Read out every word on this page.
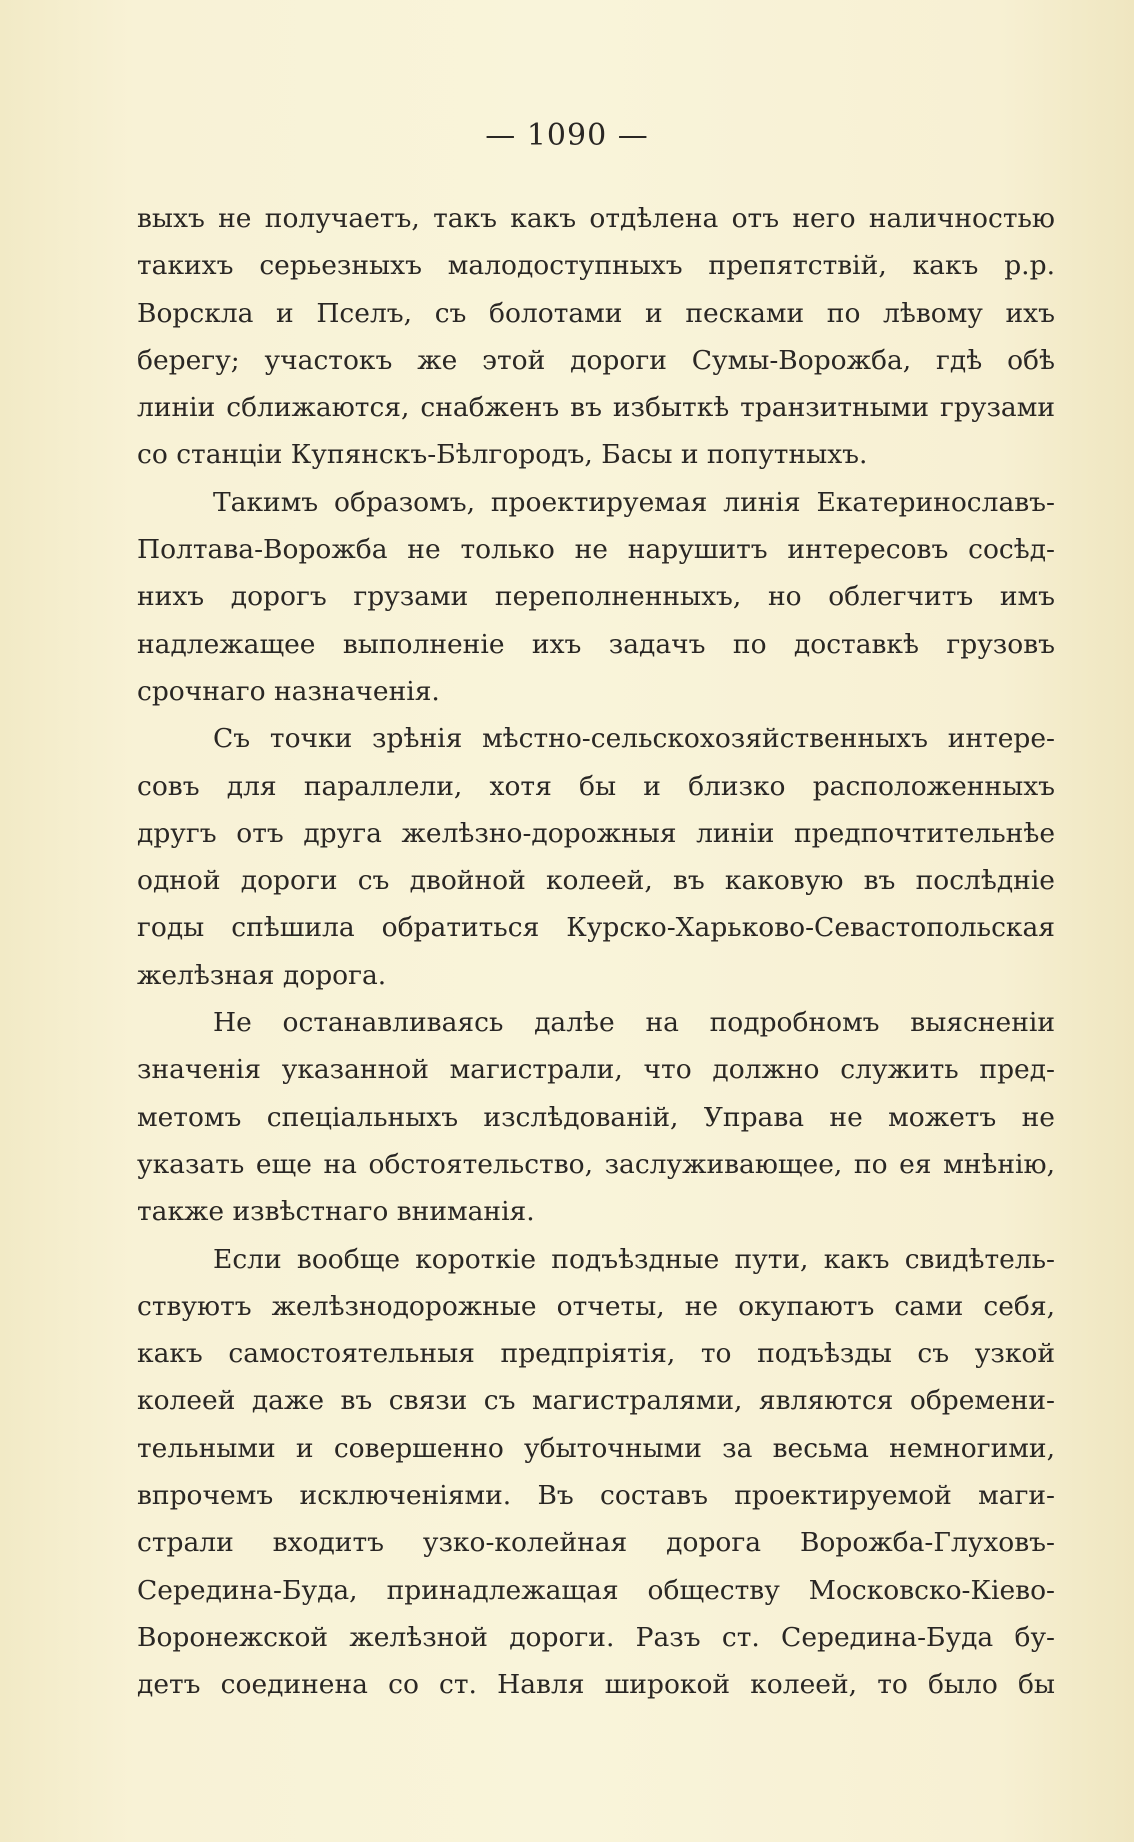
— 1090 —
выхъ не получаетъ, такъ какъ отдѣлена отъ него наличностью
такихъ серьезныхъ малодоступныхъ препятствій, какъ р.р.
Ворскла и Пселъ, съ болотами и песками по лѣвому ихъ
берегу; участокъ же этой дороги Сумы-Ворожба, гдѣ обѣ
линіи сближаются, снабженъ въ избыткѣ транзитными грузами
со станціи Купянскъ-Бѣлгородъ, Басы и попутныхъ.
Такимъ образомъ, проектируемая линія Екатеринославъ-
Полтава-Ворожба не только не нарушитъ интересовъ сосѣд-
нихъ дорогъ грузами переполненныхъ, но облегчитъ имъ
надлежащее выполненіе ихъ задачъ по доставкѣ грузовъ
срочнаго назначенія.
Съ точки зрѣнія мѣстно-сельскохозяйственныхъ интере-
совъ для параллели, хотя бы и близко расположенныхъ
другъ отъ друга желѣзно-дорожныя линіи предпочтительнѣе
одной дороги съ двойной колеей, въ каковую въ послѣдніе
годы спѣшила обратиться Курско-Харьково-Севастопольская
желѣзная дорога.
Не останавливаясь далѣе на подробномъ выясненіи
значенія указанной магистрали, что должно служить пред-
метомъ спеціальныхъ изслѣдованій, Управа не можетъ не
указать еще на обстоятельство, заслуживающее, по ея мнѣнію,
также извѣстнаго вниманія.
Если вообще короткіе подъѣздные пути, какъ свидѣтель-
ствуютъ желѣзнодорожные отчеты, не окупаютъ сами себя,
какъ самостоятельныя предпріятія, то подъѣзды съ узкой
колеей даже въ связи съ магистралями, являются обремени-
тельными и совершенно убыточными за весьма немногими,
впрочемъ исключеніями. Въ составъ проектируемой маги-
страли входитъ узко-колейная дорога Ворожба-Глуховъ-
Середина-Буда, принадлежащая обществу Московско-Кіево-
Воронежской желѣзной дороги. Разъ ст. Середина-Буда бу-
детъ соединена со ст. Навля широкой колеей, то было бы
